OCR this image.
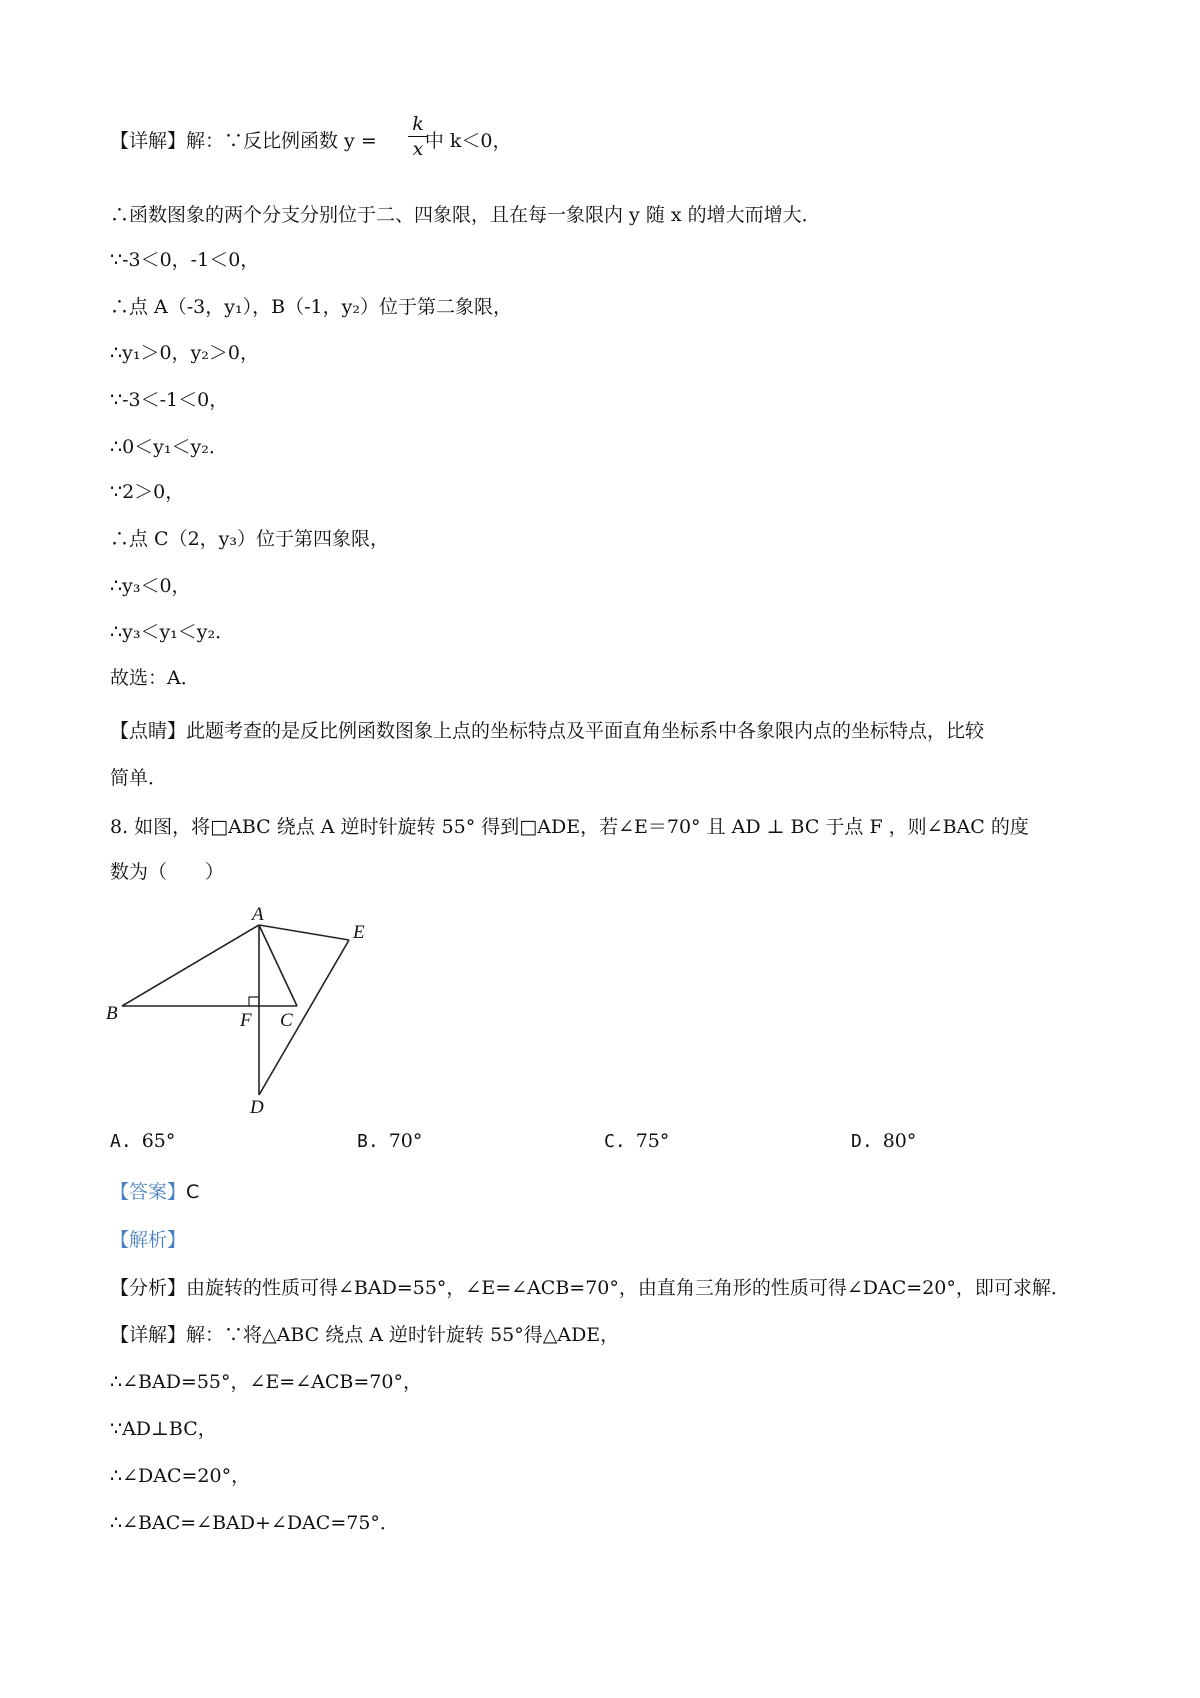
【详解】解：∵反比例函数 y =	中 k＜0，
k
x
∴函数图象的两个分支分别位于二、四象限，且在每一象限内 y 随 x 的增大而增大．
∵-3＜0，-1＜0，
∴点 A（-3，y₁），B（-1，y₂）位于第二象限，
∴y₁＞0，y₂＞0，
∵-3＜-1＜0，
∴0＜y₁＜y₂．
∵2＞0，
∴点 C（2，y₃）位于第四象限，
∴y₃＜0，
∴y₃＜y₁＜y₂．
故选：A．
【点睛】此题考查的是反比例函数图象上点的坐标特点及平面直角坐标系中各象限内点的坐标特点，比较
简单．
8. 如图，将□ABC 绕点 A 逆时针旋转 55° 得到□ADE，若∠E＝70° 且 AD ⊥ BC 于点 F ，则∠BAC 的度
数为（　　）
A
E
B	F C
D
A. 65°	B. 70°	C. 75°	D. 80°
【答案】C
【解析】
【分析】由旋转的性质可得∠BAD=55°，∠E=∠ACB=70°，由直角三角形的性质可得∠DAC=20°，即可求解．
【详解】解：∵将△ABC 绕点 A 逆时针旋转 55°得△ADE，
∴∠BAD=55°，∠E=∠ACB=70°，
∵AD⊥BC，
∴∠DAC=20°，
∴∠BAC=∠BAD+∠DAC=75°．
